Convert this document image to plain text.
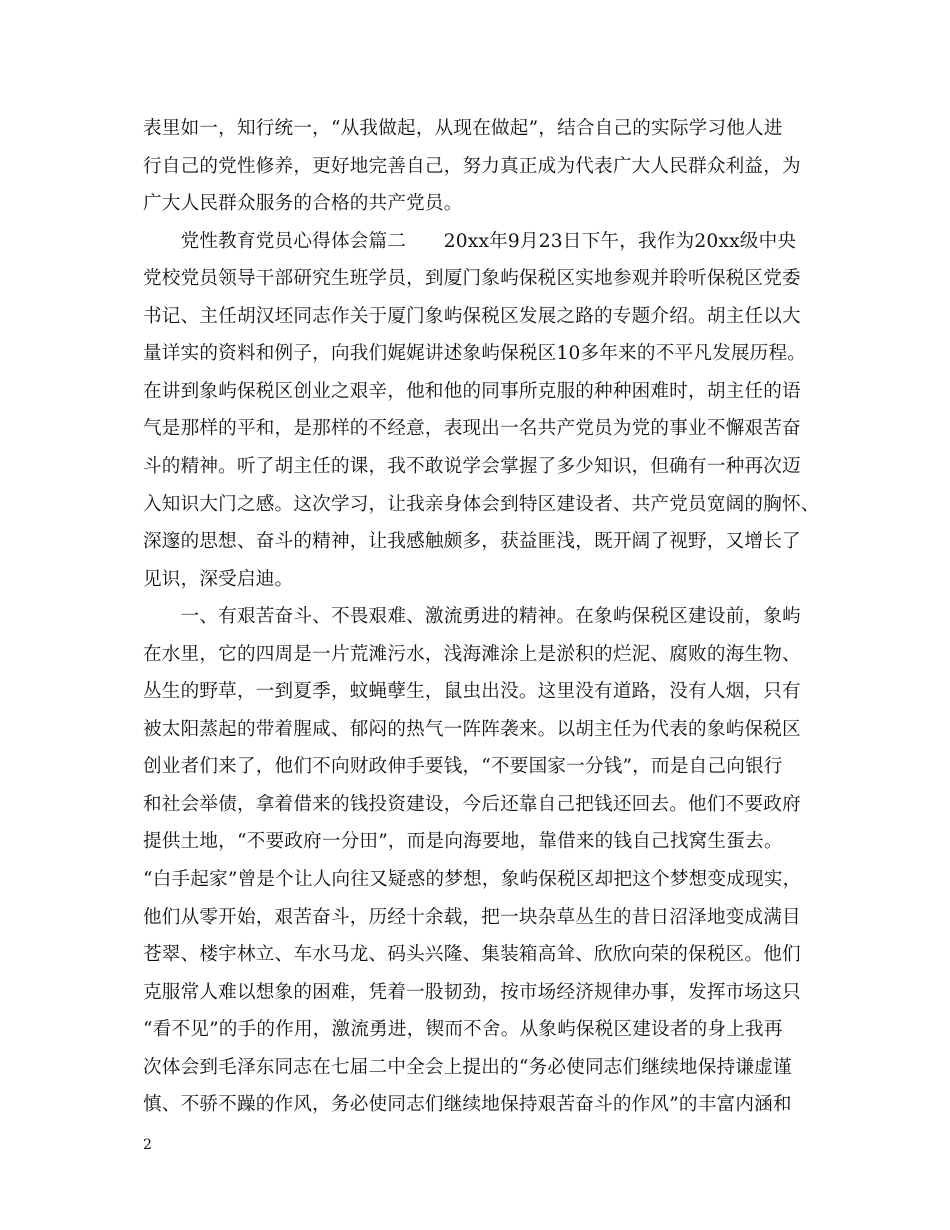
表里如一，知行统一，“从我做起，从现在做起”，结合自己的实际学习他人进
行自己的党性修养，更好地完善自己，努力真正成为代表广大人民群众利益，为
广大人民群众服务的合格的共产党员。
　　党性教育党员心得体会篇二　　20xx年9月23日下午，我作为20xx级中央
党校党员领导干部研究生班学员，到厦门象屿保税区实地参观并聆听保税区党委
书记、主任胡汉坯同志作关于厦门象屿保税区发展之路的专题介绍。胡主任以大
量详实的资料和例子，向我们娓娓讲述象屿保税区10多年来的不平凡发展历程。
在讲到象屿保税区创业之艰辛，他和他的同事所克服的种种困难时，胡主任的语
气是那样的平和，是那样的不经意，表现出一名共产党员为党的事业不懈艰苦奋
斗的精神。听了胡主任的课，我不敢说学会掌握了多少知识，但确有一种再次迈
入知识大门之感。这次学习，让我亲身体会到特区建设者、共产党员宽阔的胸怀、
深邃的思想、奋斗的精神，让我感触颇多，获益匪浅，既开阔了视野，又增长了
见识，深受启迪。
　　一、有艰苦奋斗、不畏艰难、激流勇进的精神。在象屿保税区建设前，象屿
在水里，它的四周是一片荒滩污水，浅海滩涂上是淤积的烂泥、腐败的海生物、
丛生的野草，一到夏季，蚊蝇孽生，鼠虫出没。这里没有道路，没有人烟，只有
被太阳蒸起的带着腥咸、郁闷的热气一阵阵袭来。以胡主任为代表的象屿保税区
创业者们来了，他们不向财政伸手要钱，“不要国家一分钱”，而是自己向银行
和社会举债，拿着借来的钱投资建设，今后还靠自己把钱还回去。他们不要政府
提供土地，“不要政府一分田”，而是向海要地，靠借来的钱自己找窝生蛋去。
“白手起家”曾是个让人向往又疑惑的梦想，象屿保税区却把这个梦想变成现实，
他们从零开始，艰苦奋斗，历经十余载，把一块杂草丛生的昔日沼泽地变成满目
苍翠、楼宇林立、车水马龙、码头兴隆、集装箱高耸、欣欣向荣的保税区。他们
克服常人难以想象的困难，凭着一股韧劲，按市场经济规律办事，发挥市场这只
“看不见”的手的作用，激流勇进，锲而不舍。从象屿保税区建设者的身上我再
次体会到毛泽东同志在七届二中全会上提出的“务必使同志们继续地保持谦虚谨
慎、不骄不躁的作风，务必使同志们继续地保持艰苦奋斗的作风”的丰富内涵和
2
